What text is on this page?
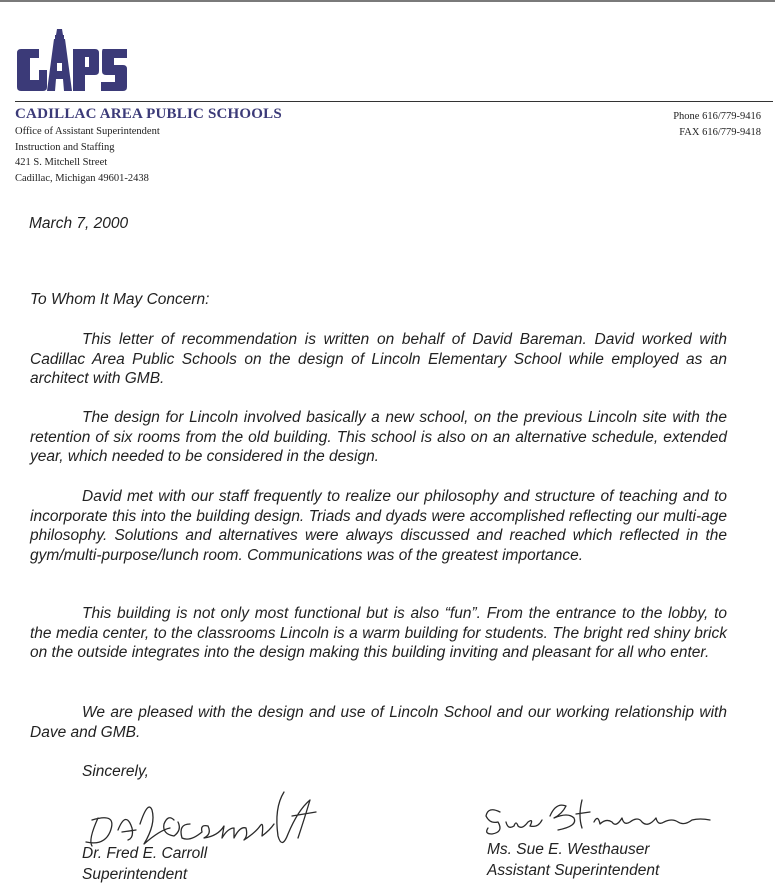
CADILLAC AREA PUBLIC SCHOOLS
Office of Assistant Superintendent
Instruction and Staffing
421 S. Mitchell Street
Cadillac, Michigan 49601-2438
Phone 616/779-9416
FAX 616/779-9418
March 7, 2000
To Whom It May Concern:

This letter of recommendation is written on behalf of David Bareman. David worked with Cadillac Area Public Schools on the design of Lincoln Elementary School while employed as an architect with GMB.

The design for Lincoln involved basically a new school, on the previous Lincoln site with the retention of six rooms from the old building. This school is also on an alternative schedule, extended year, which needed to be considered in the design.

David met with our staff frequently to realize our philosophy and structure of teaching and to incorporate this into the building design. Triads and dyads were accomplished reflecting our multi-age philosophy. Solutions and alternatives were always discussed and reached which reflected in the gym/multi-purpose/lunch room. Communications was of the greatest importance.

This building is not only most functional but is also “fun”. From the entrance to the lobby, to the media center, to the classrooms Lincoln is a warm building for students. The bright red shiny brick on the outside integrates into the design making this building inviting and pleasant for all who enter.

We are pleased with the design and use of Lincoln School and our working relationship with Dave and GMB.

Sincerely,
Dr. Fred E. Carroll
Superintendent
Ms. Sue E. Westhauser
Assistant Superintendent
